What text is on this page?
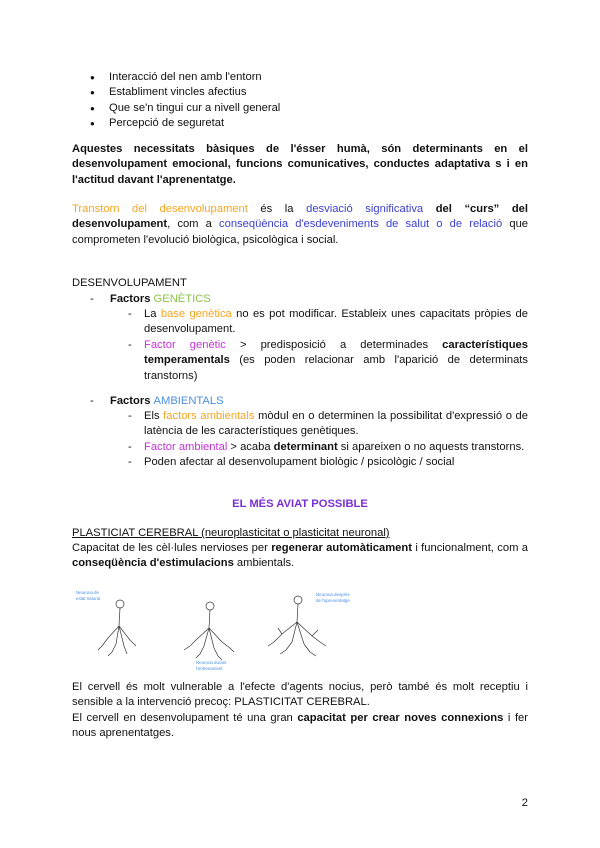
● Interacció del nen amb l'entorn
● Establiment vincles afectius
● Que se'n tingui cur a nivell general
● Percepció de seguretat
Aquestes necessitats bàsiques de l'ésser humà, són determinants en el desenvolupament emocional, funcions comunicatives, conductes adaptativa s i en l'actitud davant l'aprenentatge.
Transtorn del desenvolupament és la desviació significativa del “curs” del desenvolupament, com a conseqüència d'esdeveniments de salut o de relació que comprometen l'evolució biològica, psicològica i social.
DESENVOLUPAMENT
- Factors GENÈTICS
- La base genètica no es pot modificar. Estableix unes capacitats pròpies de desenvolupament.
- Factor genètic > predisposició a determinades característiques temperamentals (es poden relacionar amb l'aparició de determinats transtorns)
- Factors AMBIENTALS
- Els factors ambientals mòdul en o determinen la possibilitat d'expressió o de latència de les característiques genètiques.
- Factor ambiental > acaba determinant si apareixen o no aquests transtorns.
- Poden afectar al desenvolupament biològic / psicològic / social
EL MÉS AVIAT POSSIBLE
PLASTICIAT CEREBRAL (neuroplasticitat o plasticitat neuronal)
Capacitat de les cèl·lules nervioses per regenerar automàticament i funcionalment, com a conseqüència d'estimulacions ambientals.
Neurona de
estat natural
Neurona durant
l'entrenament
Neurona després
de l'aprenentatge
El cervell és molt vulnerable a l'efecte d'agents nocius, però també és molt receptiu i sensible a la intervenció precoç: PLASTICITAT CEREBRAL.
El cervell en desenvolupament té una gran capacitat per crear noves connexions i fer nous aprenentatges.
2
